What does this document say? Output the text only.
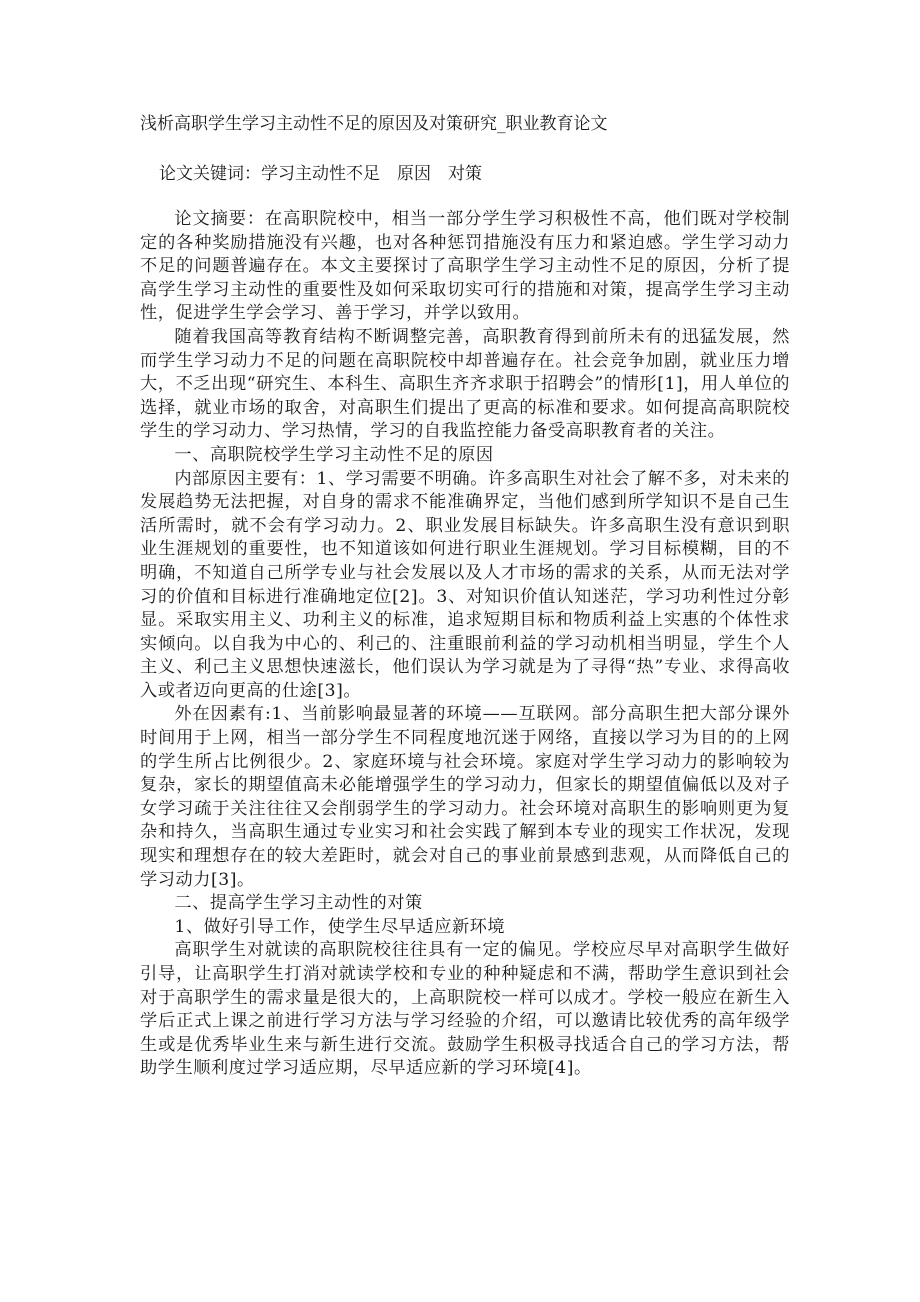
浅析高职学生学习主动性不足的原因及对策研究_职业教育论文

论文关键词：学习主动性不足　原因　对策

论文摘要：在高职院校中，相当一部分学生学习积极性不高，他们既对学校制定的各种奖励措施没有兴趣，也对各种惩罚措施没有压力和紧迫感。学生学习动力不足的问题普遍存在。本文主要探讨了高职学生学习主动性不足的原因，分析了提高学生学习主动性的重要性及如何采取切实可行的措施和对策，提高学生学习主动性，促进学生学会学习、善于学习，并学以致用。

随着我国高等教育结构不断调整完善，高职教育得到前所未有的迅猛发展，然而学生学习动力不足的问题在高职院校中却普遍存在。社会竞争加剧，就业压力增大，不乏出现“研究生、本科生、高职生齐齐求职于招聘会”的情形[1]，用人单位的选择，就业市场的取舍，对高职生们提出了更高的标准和要求。如何提高高职院校学生的学习动力、学习热情，学习的自我监控能力备受高职教育者的关注。

一、高职院校学生学习主动性不足的原因

内部原因主要有：1、学习需要不明确。许多高职生对社会了解不多，对未来的发展趋势无法把握，对自身的需求不能准确界定，当他们感到所学知识不是自己生活所需时，就不会有学习动力。2、职业发展目标缺失。许多高职生没有意识到职业生涯规划的重要性，也不知道该如何进行职业生涯规划。学习目标模糊，目的不明确，不知道自己所学专业与社会发展以及人才市场的需求的关系，从而无法对学习的价值和目标进行准确地定位[2]。3、对知识价值认知迷茫，学习功利性过分彰显。采取实用主义、功利主义的标准，追求短期目标和物质利益上实惠的个体性求实倾向。以自我为中心的、利己的、注重眼前利益的学习动机相当明显，学生个人主义、利己主义思想快速滋长，他们误认为学习就是为了寻得“热”专业、求得高收入或者迈向更高的仕途[3]。

外在因素有:1、当前影响最显著的环境——互联网。部分高职生把大部分课外时间用于上网，相当一部分学生不同程度地沉迷于网络，直接以学习为目的的上网的学生所占比例很少。2、家庭环境与社会环境。家庭对学生学习动力的影响较为复杂，家长的期望值高未必能增强学生的学习动力，但家长的期望值偏低以及对子女学习疏于关注往往又会削弱学生的学习动力。社会环境对高职生的影响则更为复杂和持久，当高职生通过专业实习和社会实践了解到本专业的现实工作状况，发现现实和理想存在的较大差距时，就会对自己的事业前景感到悲观，从而降低自己的学习动力[3]。

二、提高学生学习主动性的对策

1、做好引导工作，使学生尽早适应新环境

高职学生对就读的高职院校往往具有一定的偏见。学校应尽早对高职学生做好引导，让高职学生打消对就读学校和专业的种种疑虑和不满，帮助学生意识到社会对于高职学生的需求量是很大的，上高职院校一样可以成才。学校一般应在新生入学后正式上课之前进行学习方法与学习经验的介绍，可以邀请比较优秀的高年级学生或是优秀毕业生来与新生进行交流。鼓励学生积极寻找适合自己的学习方法，帮助学生顺利度过学习适应期，尽早适应新的学习环境[4]。
